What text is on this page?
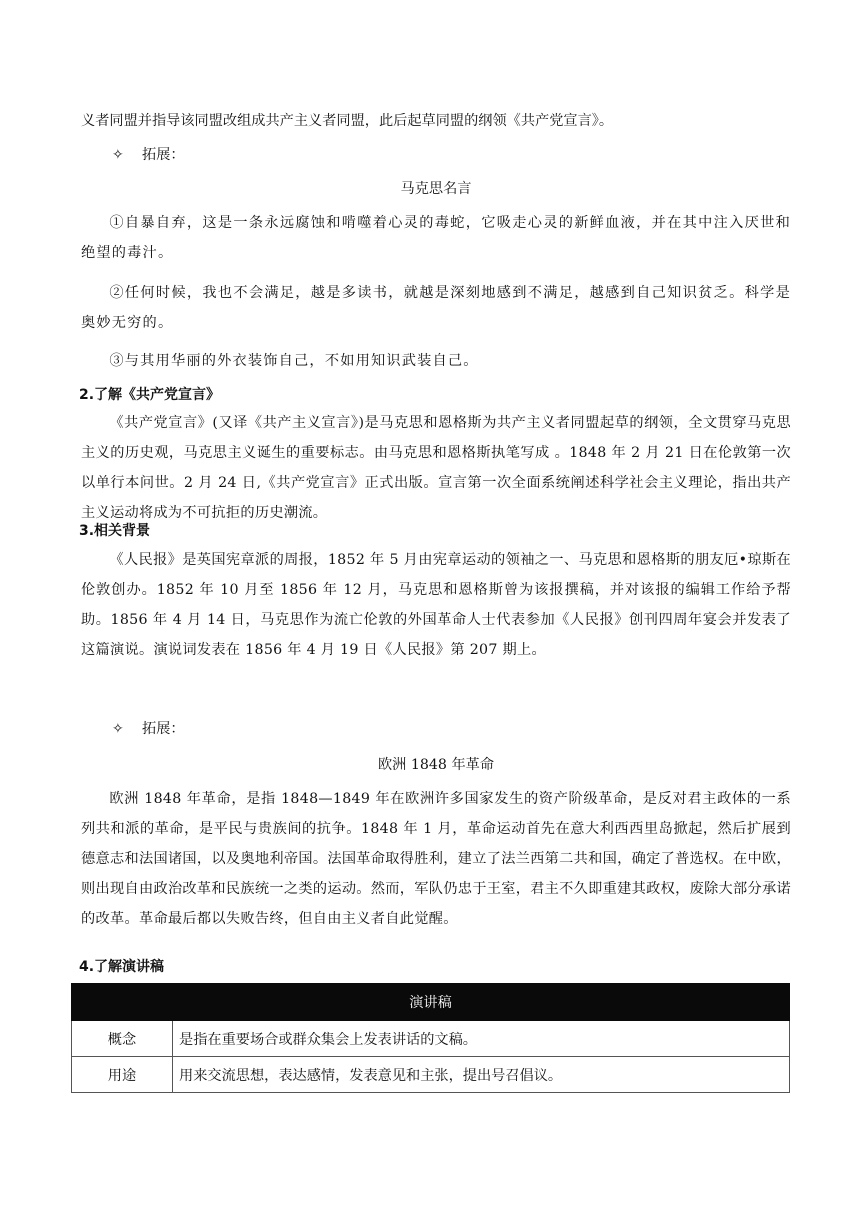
义者同盟并指导该同盟改组成共产主义者同盟，此后起草同盟的纲领《共产党宣言》。

✧ 拓展：

马克思名言

①自暴自弃，这是一条永远腐蚀和啃噬着心灵的毒蛇，它吸走心灵的新鲜血液，并在其中注入厌世和绝望的毒汁。

②任何时候，我也不会满足，越是多读书，就越是深刻地感到不满足，越感到自己知识贫乏。科学是奥妙无穷的。

③与其用华丽的外衣装饰自己，不如用知识武装自己。

2.了解《共产党宣言》

《共产党宣言》(又译《共产主义宣言》)是马克思和恩格斯为共产主义者同盟起草的纲领，全文贯穿马克思主义的历史观，马克思主义诞生的重要标志。由马克思和恩格斯执笔写成 。1848 年 2 月 21 日在伦敦第一次以单行本问世。2 月 24 日,《共产党宣言》正式出版。宣言第一次全面系统阐述科学社会主义理论，指出共产主义运动将成为不可抗拒的历史潮流。

3.相关背景

《人民报》是英国宪章派的周报，1852 年 5 月由宪章运动的领袖之一、马克思和恩格斯的朋友厄•琼斯在伦敦创办。1852 年 10 月至 1856 年 12 月，马克思和恩格斯曾为该报撰稿，并对该报的编辑工作给予帮助。1856 年 4 月 14 日，马克思作为流亡伦敦的外国革命人士代表参加《人民报》创刊四周年宴会并发表了这篇演说。演说词发表在 1856 年 4 月 19 日《人民报》第 207 期上。

✧ 拓展：

欧洲 1848 年革命

欧洲 1848 年革命，是指 1848—1849 年在欧洲许多国家发生的资产阶级革命，是反对君主政体的一系列共和派的革命，是平民与贵族间的抗争。1848 年 1 月，革命运动首先在意大利西西里岛掀起，然后扩展到德意志和法国诸国，以及奥地利帝国。法国革命取得胜利，建立了法兰西第二共和国，确定了普选权。在中欧，则出现自由政治改革和民族统一之类的运动。然而，军队仍忠于王室，君主不久即重建其政权，废除大部分承诺的改革。革命最后都以失败告终，但自由主义者自此觉醒。

4.了解演讲稿

演讲稿	
概念	是指在重要场合或群众集会上发表讲话的文稿。
用途	用来交流思想，表达感情，发表意见和主张，提出号召倡议。
